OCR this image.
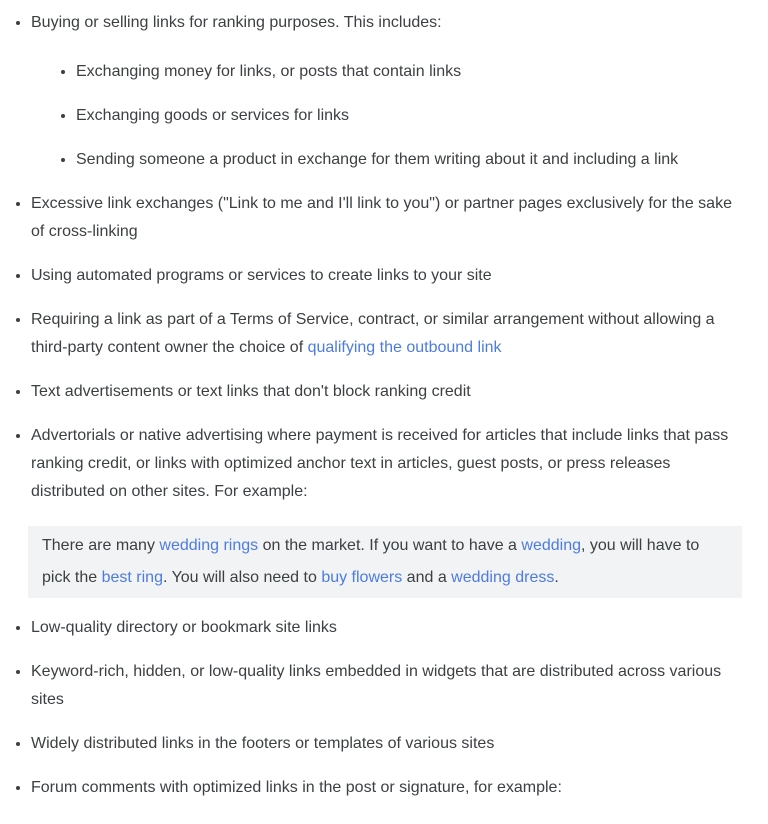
• Buying or selling links for ranking purposes. This includes:
• Exchanging money for links, or posts that contain links
• Exchanging goods or services for links
• Sending someone a product in exchange for them writing about it and including a link
• Excessive link exchanges ("Link to me and I'll link to you") or partner pages exclusively for the sake of cross-linking
• Using automated programs or services to create links to your site
• Requiring a link as part of a Terms of Service, contract, or similar arrangement without allowing a third-party content owner the choice of qualifying the outbound link
• Text advertisements or text links that don't block ranking credit
• Advertorials or native advertising where payment is received for articles that include links that pass ranking credit, or links with optimized anchor text in articles, guest posts, or press releases distributed on other sites. For example:
There are many wedding rings on the market. If you want to have a wedding, you will have to pick the best ring. You will also need to buy flowers and a wedding dress.
• Low-quality directory or bookmark site links
• Keyword-rich, hidden, or low-quality links embedded in widgets that are distributed across various sites
• Widely distributed links in the footers or templates of various sites
• Forum comments with optimized links in the post or signature, for example:
